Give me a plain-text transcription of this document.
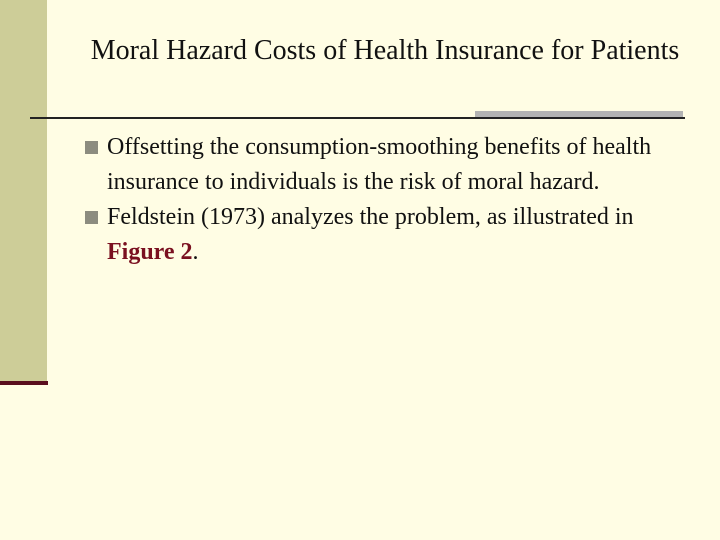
Moral Hazard Costs of Health Insurance for Patients
Offsetting the consumption-smoothing benefits of health insurance to individuals is the risk of moral hazard.
Feldstein (1973) analyzes the problem, as illustrated in Figure 2.
